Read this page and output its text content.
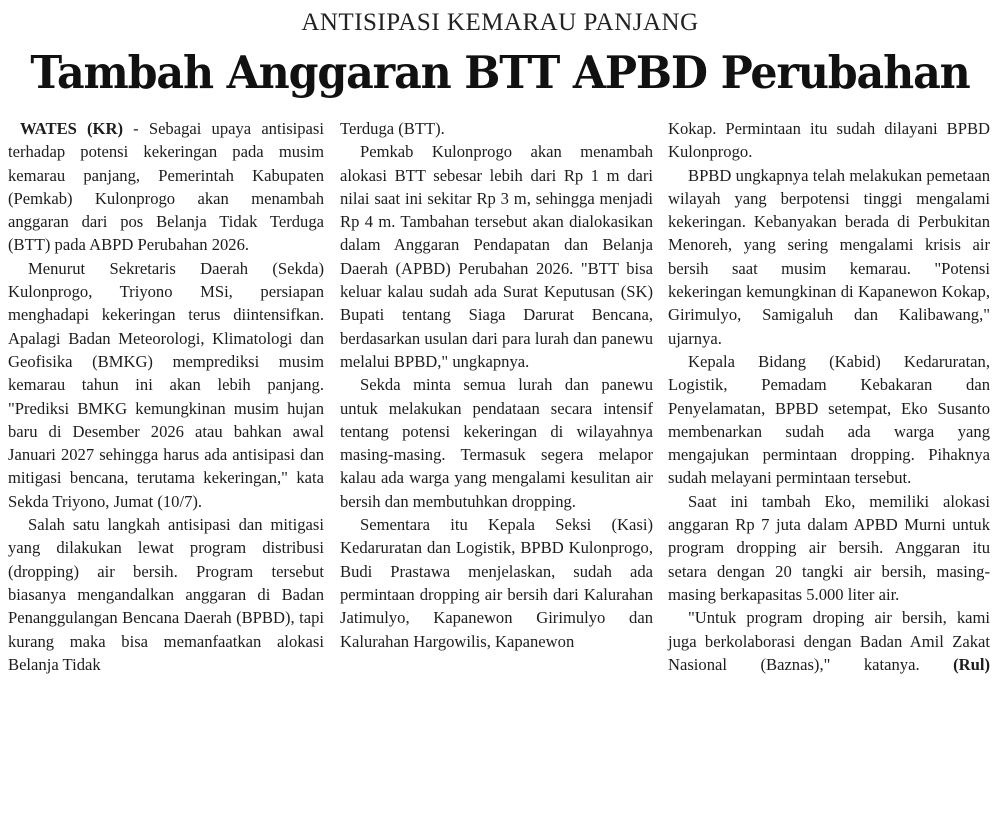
ANTISIPASI KEMARAU PANJANG
Tambah Anggaran BTT APBD Perubahan

WATES (KR) - Sebagai upaya antisipasi terhadap potensi kekeringan pada musim kemarau panjang, Pemerintah Kabupaten (Pemkab) Kulonprogo akan menambah anggaran dari pos Belanja Tidak Terduga (BTT) pada ABPD Perubahan 2026.

Menurut Sekretaris Daerah (Sekda) Kulonprogo, Triyono MSi, persiapan menghadapi kekeringan terus diintensifkan. Apalagi Badan Meteorologi, Klimatologi dan Geofisika (BMKG) memprediksi musim kemarau tahun ini akan lebih panjang. "Prediksi BMKG kemungkinan musim hujan baru di Desember 2026 atau bahkan awal Januari 2027 sehingga harus ada antisipasi dan mitigasi bencana, terutama kekeringan," kata Sekda Triyono, Jumat (10/7).

Salah satu langkah antisipasi dan mitigasi yang dilakukan lewat program distribusi (dropping) air bersih. Program tersebut biasanya mengandalkan anggaran di Badan Penanggulangan Bencana Daerah (BPBD), tapi kurang maka bisa memanfaatkan alokasi Belanja Tidak

Terduga (BTT).

Pemkab Kulonprogo akan menambah alokasi BTT sebesar lebih dari Rp 1 m dari nilai saat ini sekitar Rp 3 m, sehingga menjadi Rp 4 m. Tambahan tersebut akan dialokasikan dalam Anggaran Pendapatan dan Belanja Daerah (APBD) Perubahan 2026. "BTT bisa keluar kalau sudah ada Surat Keputusan (SK) Bupati tentang Siaga Darurat Bencana, berdasarkan usulan dari para lurah dan panewu melalui BPBD," ungkapnya.

Sekda minta semua lurah dan panewu untuk melakukan pendataan secara intensif tentang potensi kekeringan di wilayahnya masing-masing. Termasuk segera melapor kalau ada warga yang mengalami kesulitan air bersih dan membutuhkan dropping.

Sementara itu Kepala Seksi (Kasi) Kedaruratan dan Logistik, BPBD Kulonprogo, Budi Prastawa menjelaskan, sudah ada permintaan dropping air bersih dari Kalurahan Jatimulyo, Kapanewon Girimulyo dan Kalurahan Hargowilis, Kapanewon

Kokap. Permintaan itu sudah dilayani BPBD Kulonprogo.

BPBD ungkapnya telah melakukan pemetaan wilayah yang berpotensi tinggi mengalami kekeringan. Kebanyakan berada di Perbukitan Menoreh, yang sering mengalami krisis air bersih saat musim kemarau. "Potensi kekeringan kemungkinan di Kapanewon Kokap, Girimulyo, Samigaluh dan Kalibawang," ujarnya.

Kepala Bidang (Kabid) Kedaruratan, Logistik, Pemadam Kebakaran dan Penyelamatan, BPBD setempat, Eko Susanto membenarkan sudah ada warga yang mengajukan permintaan dropping. Pihaknya sudah melayani permintaan tersebut.

Saat ini tambah Eko, memiliki alokasi anggaran Rp 7 juta dalam APBD Murni untuk program dropping air bersih. Anggaran itu setara dengan 20 tangki air bersih, masing-masing berkapasitas 5.000 liter air.

"Untuk program droping air bersih, kami juga berkolaborasi dengan Badan Amil Zakat Nasional (Baznas)," katanya. (Rul)
